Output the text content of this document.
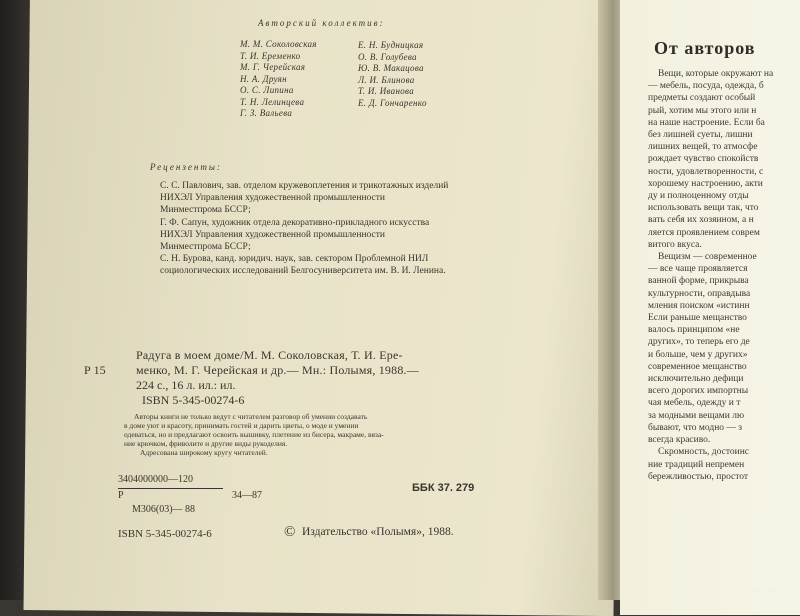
Авторский коллектив:
М. М. Соколовская
Т. И. Еременко
М. Г. Черейская
Н. А. Друян
О. С. Липина
Т. Н. Лелинцева
Г. З. Вальева
Е. Н. Будницкая
О. В. Голубева
Ю. В. Макацова
Л. И. Блинова
Т. И. Иванова
Е. Д. Гончаренко
Рецензенты:
С. С. Павлович, зав. отделом кружевоплетения и трикотажных изделий
НИХЭЛ Управления художественной промышленности
Минместпрома БССР;
Г. Ф. Сапун, художник отдела декоративно-прикладного искусства
НИХЭЛ Управления художественной промышленности
Минместпрома БССР;
С. Н. Бурова, канд. юридич. наук, зав. сектором Проблемной НИЛ
социологических исследований Белгосуниверситета им. В. И. Ленина.
Радуга в моем доме/М. М. Соколовская, Т. И. Ере-
Р 15	менко, М. Г. Черейская и др.— Мн.: Полымя, 1988.—
224 с., 16 л. ил.: ил.
ISBN 5-345-00274-6
Авторы книги не только ведут с читателем разговор об умении создавать
в доме уют и красоту, принимать гостей и дарить цветы, о моде и умении
одеваться, но и предлагают освоить вышивку, плетение из бисера, макраме, вяза-
ние крючком, фриволите и другие виды рукоделия.
Адресована широкому кругу читателей.
3404000000—120
Р	34—87
М306(03)— 88
ББК 37. 279
ISBN 5-345-00274-6	© Издательство «Полымя», 1988.
От авторов
Вещи, которые окружают на
— мебель, посуда, одежда, б
предметы создают особый
рый, хотим мы этого или н
на наше настроение. Если ба
без лишней суеты, лишни
лишних вещей, то атмосфе
рождает чувство спокойств
ности, удовлетворенности, с
хорошему настроению, акти
ду и полноценному отды
использовать вещи так, что
вать себя их хозяином, а н
ляется проявлением соврем
витого вкуса.
Вещизм — современное
— все чаще проявляется
ванной форме, прикрыва
культурности, оправдыва
мления поиском «истинн
Если раньше мещанство
валось принципом «не
других», то теперь его де
и больше, чем у других»
современное мещанство
исключительно дефици
всего дорогих импортны
чая мебель, одежду и т
за модными вещами лю
бывают, что модно — з
всегда красиво.
Скромность, достоинс
ние традиций непремен
бережливостью, простот
www.ay.by
